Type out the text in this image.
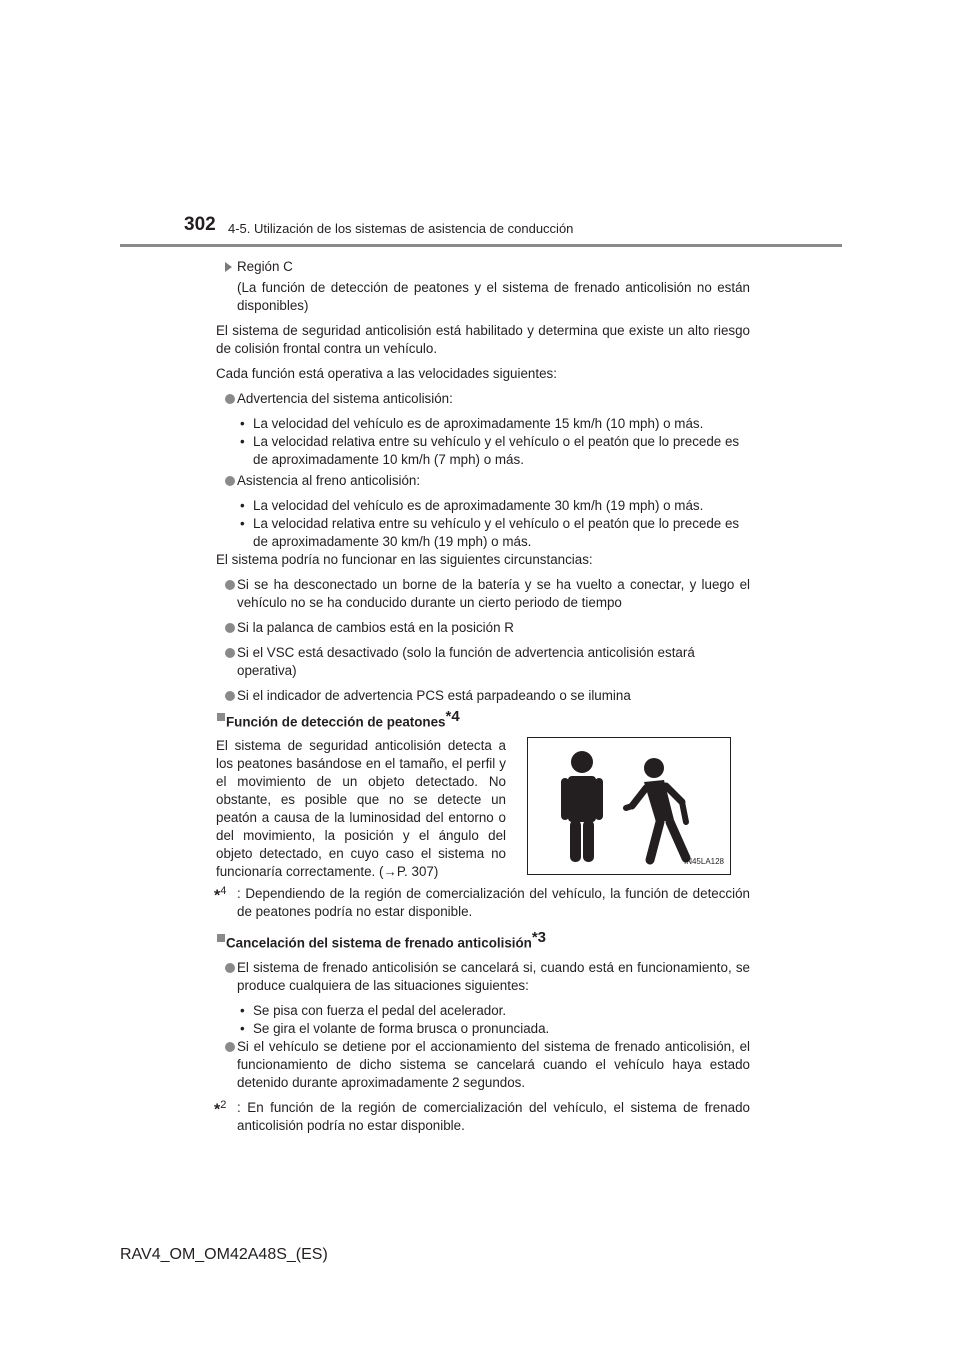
302 4-5. Utilización de los sistemas de asistencia de conducción
Región C

(La función de detección de peatones y el sistema de frenado anticolisión no están disponibles)

El sistema de seguridad anticolisión está habilitado y determina que existe un alto riesgo de colisión frontal contra un vehículo.

Cada función está operativa a las velocidades siguientes:

Advertencia del sistema anticolisión:
• La velocidad del vehículo es de aproximadamente 15 km/h (10 mph) o más.
• La velocidad relativa entre su vehículo y el vehículo o el peatón que lo precede es de aproximadamente 10 km/h (7 mph) o más.
Asistencia al freno anticolisión:
• La velocidad del vehículo es de aproximadamente 30 km/h (19 mph) o más.
• La velocidad relativa entre su vehículo y el vehículo o el peatón que lo precede es de aproximadamente 30 km/h (19 mph) o más.

El sistema podría no funcionar en las siguientes circunstancias:

Si se ha desconectado un borne de la batería y se ha vuelto a conectar, y luego el vehículo no se ha conducido durante un cierto periodo de tiempo
Si la palanca de cambios está en la posición R
Si el VSC está desactivado (solo la función de advertencia anticolisión estará operativa)
Si el indicador de advertencia PCS está parpadeando o se ilumina
Función de detección de peatones*4

El sistema de seguridad anticolisión detecta a los peatones basándose en el tamaño, el perfil y el movimiento de un objeto detectado. No obstante, es posible que no se detecte un peatón a causa de la luminosidad del entorno o del movimiento, la posición y el ángulo del objeto detectado, en cuyo caso el sistema no funcionaría correctamente. (→P. 307)

IN45LA128
*$^4$ : Dependiendo de la región de comercialización del vehículo, la función de detección de peatones podría no estar disponible.
Cancelación del sistema de frenado anticolisión*3
El sistema de frenado anticolisión se cancelará si, cuando está en funcionamiento, se produce cualquiera de las situaciones siguientes:
• Se pisa con fuerza el pedal del acelerador.
• Se gira el volante de forma brusca o pronunciada.
Si el vehículo se detiene por el accionamiento del sistema de frenado anticolisión, el funcionamiento de dicho sistema se cancelará cuando el vehículo haya estado detenido durante aproximadamente 2 segundos.
*$^2$ : En función de la región de comercialización del vehículo, el sistema de frenado anticolisión podría no estar disponible.
RAV4_OM_OM42A48S_(ES)
